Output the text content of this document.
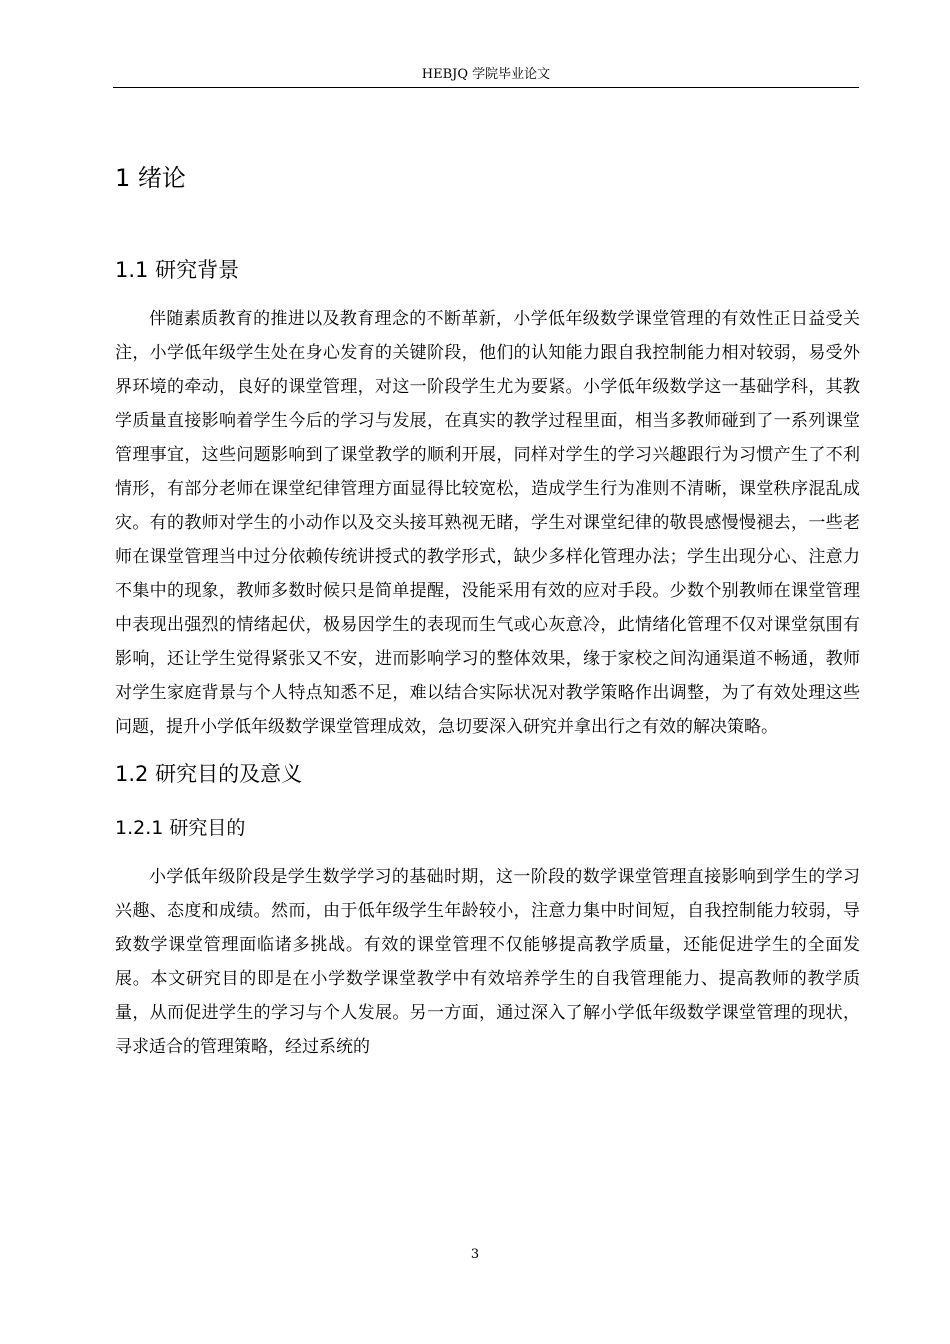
HEBJQ 学院毕业论文
1 绪论
1.1 研究背景

伴随素质教育的推进以及教育理念的不断革新，小学低年级数学课堂管理的有效性正日益受关注，小学低年级学生处在身心发育的关键阶段，他们的认知能力跟自我控制能力相对较弱，易受外界环境的牵动，良好的课堂管理，对这一阶段学生尤为要紧。小学低年级数学这一基础学科，其教学质量直接影响着学生今后的学习与发展，在真实的教学过程里面，相当多教师碰到了一系列课堂管理事宜，这些问题影响到了课堂教学的顺利开展，同样对学生的学习兴趣跟行为习惯产生了不利情形，有部分老师在课堂纪律管理方面显得比较宽松，造成学生行为准则不清晰，课堂秩序混乱成灾。有的教师对学生的小动作以及交头接耳熟视无睹，学生对课堂纪律的敬畏感慢慢褪去，一些老师在课堂管理当中过分依赖传统讲授式的教学形式，缺少多样化管理办法；学生出现分心、注意力不集中的现象，教师多数时候只是简单提醒，没能采用有效的应对手段。少数个别教师在课堂管理中表现出强烈的情绪起伏，极易因学生的表现而生气或心灰意冷，此情绪化管理不仅对课堂氛围有影响，还让学生觉得紧张又不安，进而影响学习的整体效果，缘于家校之间沟通渠道不畅通，教师对学生家庭背景与个人特点知悉不足，难以结合实际状况对教学策略作出调整，为了有效处理这些问题，提升小学低年级数学课堂管理成效，急切要深入研究并拿出行之有效的解决策略。

1.2 研究目的及意义
1.2.1 研究目的

小学低年级阶段是学生数学学习的基础时期，这一阶段的数学课堂管理直接影响到学生的学习兴趣、态度和成绩。然而，由于低年级学生年龄较小，注意力集中时间短，自我控制能力较弱，导致数学课堂管理面临诸多挑战。有效的课堂管理不仅能够提高教学质量，还能促进学生的全面发展。本文研究目的即是在小学数学课堂教学中有效培养学生的自我管理能力、提高教师的教学质量，从而促进学生的学习与个人发展。另一方面，通过深入了解小学低年级数学课堂管理的现状，寻求适合的管理策略，经过系统的

3
